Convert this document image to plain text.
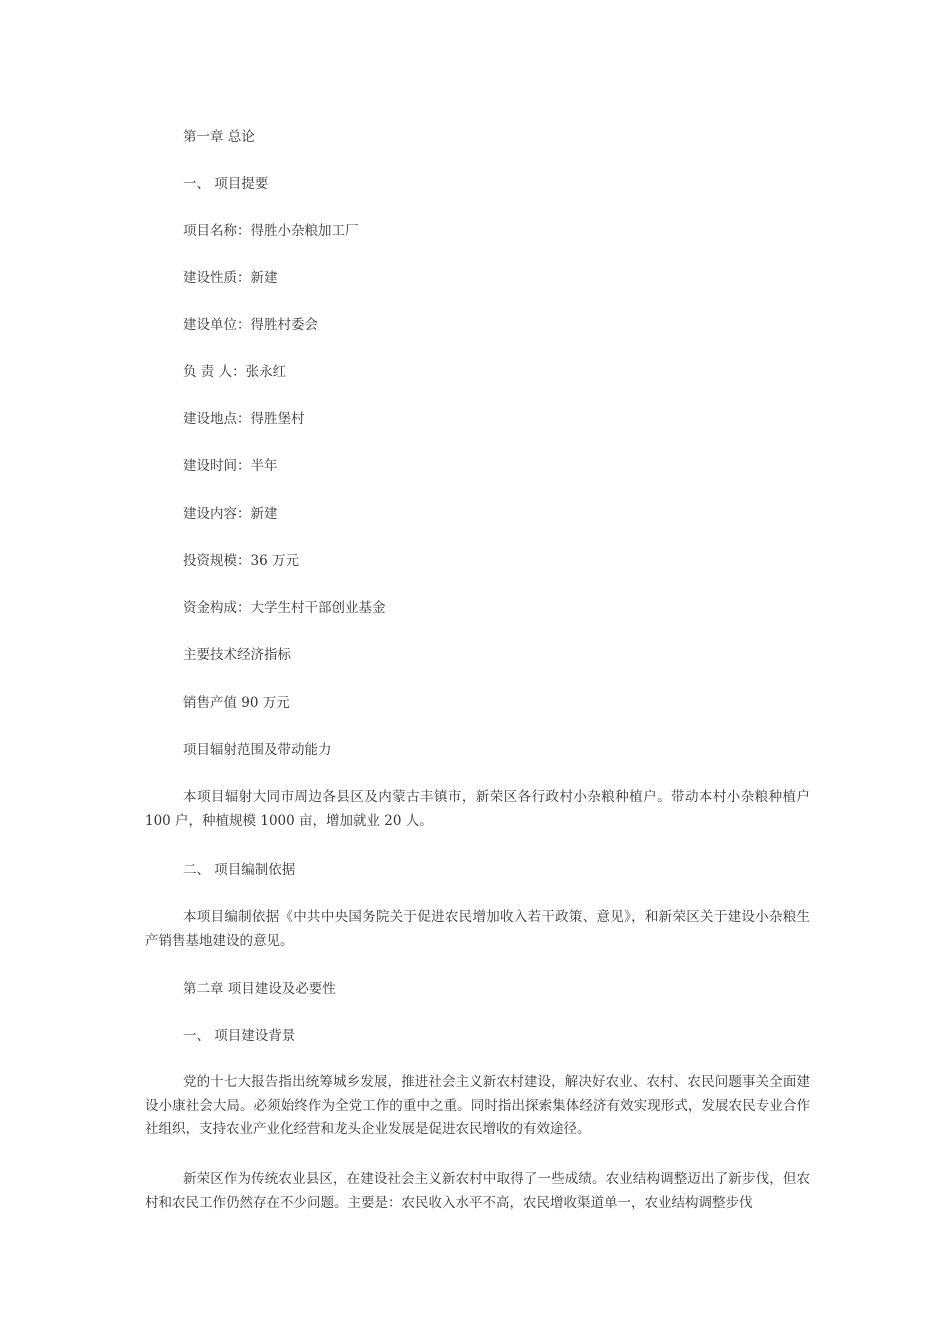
第一章 总论
一、 项目提要
项目名称：得胜小杂粮加工厂
建设性质：新建
建设单位：得胜村委会
负 责 人：张永红
建设地点：得胜堡村
建设时间：半年
建设内容：新建
投资规模：36 万元
资金构成：大学生村干部创业基金
主要技术经济指标
销售产值 90 万元
项目辐射范围及带动能力

本项目辐射大同市周边各县区及内蒙古丰镇市，新荣区各行政村小杂粮种植户。带动本村小杂粮种植户 100 户，种植规模 1000 亩，增加就业 20 人。

二、 项目编制依据

本项目编制依据《中共中央国务院关于促进农民增加收入若干政策、意见》，和新荣区关于建设小杂粮生产销售基地建设的意见。

第二章 项目建设及必要性
一、 项目建设背景

党的十七大报告指出统筹城乡发展，推进社会主义新农村建设，解决好农业、农村、农民问题事关全面建设小康社会大局。必须始终作为全党工作的重中之重。同时指出探索集体经济有效实现形式，发展农民专业合作社组织，支持农业产业化经营和龙头企业发展是促进农民增收的有效途径。

新荣区作为传统农业县区，在建设社会主义新农村中取得了一些成绩。农业结构调整迈出了新步伐，但农村和农民工作仍然存在不少问题。主要是：农民收入水平不高，农民增收渠道单一，农业结构调整步伐
